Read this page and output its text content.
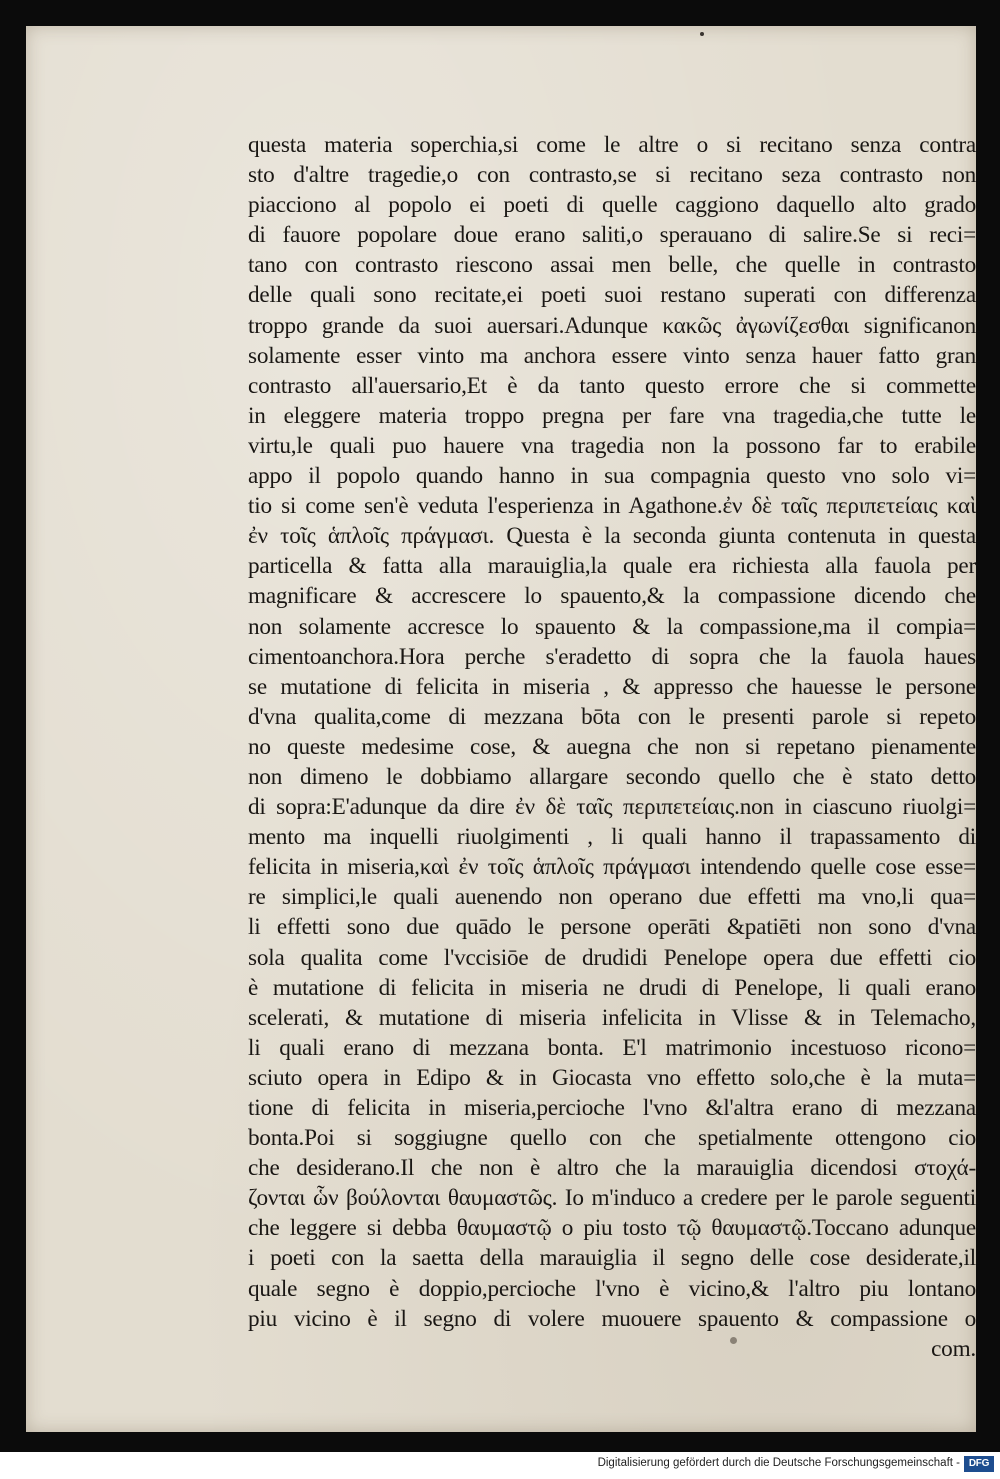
questa materia soperchia,si come le altre o si recitano senza contra
sto d'altre tragedie,o con contrasto,se si recitano seza contrasto non
piacciono al popolo ei poeti di quelle caggiono daquello alto grado
di fauore popolare doue erano saliti,o sperauano di salire.Se si reci=
tano con contrasto riescono assai men belle, che quelle in contrasto
delle quali sono recitate,ei poeti suoi restano superati con differenza
troppo grande da suoi auersari.Adunque κακῶς ἀγωνίζεσθαι significanon
solamente esser vinto ma anchora essere vinto senza hauer fatto gran
contrasto all'auersario,Et è da tanto questo errore che si commette
in eleggere materia troppo pregna per fare vna tragedia,che tutte le
virtu,le quali puo hauere vna tragedia non la possono far to erabile
appo il popolo quando hanno in sua compagnia questo vno solo vi=
tio si come sen'è veduta l'esperienza in Agathone.ἐν δὲ ταῖς περιπετείαις καὶ
ἐν τοῖς ἁπλοῖς πράγμασι. Questa è la seconda giunta contenuta in questa
particella & fatta alla marauiglia,la quale era richiesta alla fauola per
magnificare & accrescere lo spauento,& la compassione dicendo che
non solamente accresce lo spauento & la compassione,ma il compia=
cimentoanchora.Hora perche s'eradetto di sopra che la fauola haues
se mutatione di felicita in miseria , & appresso che hauesse le persone
d'vna qualita,come di mezzana bōta con le presenti parole si repeto
no queste medesime cose, & auegna che non si repetano pienamente
non dimeno le dobbiamo allargare secondo quello che è stato detto
di sopra:E'adunque da dire ἐν δὲ ταῖς περιπετείαις.non in ciascuno riuolgi=
mento ma inquelli riuolgimenti , li quali hanno il trapassamento di
felicita in miseria,καὶ ἐν τοῖς ἁπλοῖς πράγμασι intendendo quelle cose esse=
re simplici,le quali auenendo non operano due effetti ma vno,li qua=
li effetti sono due quādo le persone operāti &patiēti non sono d'vna
sola qualita come l'vccisiōe de drudidi Penelope opera due effetti cio
è mutatione di felicita in miseria ne drudi di Penelope, li quali erano
scelerati, & mutatione di miseria infelicita in Vlisse & in Telemacho,
li quali erano di mezzana bonta. E'l matrimonio incestuoso ricono=
sciuto opera in Edipo & in Giocasta vno effetto solo,che è la muta=
tione di felicita in miseria,percioche l'vno &l'altra erano di mezzana
bonta.Poi si soggiugne quello con che spetialmente ottengono cio
che desiderano.Il che non è altro che la marauiglia dicendosi στοχά-
ζονται ὧν βούλονται θαυμαστῶς. Io m'induco a credere per le parole seguenti
che leggere si debba θαυμαστῷ o piu tosto τῷ θαυμαστῷ.Toccano adunque
i poeti con la saetta della marauiglia il segno delle cose desiderate,il
quale segno è doppio,percioche l'vno è vicino,& l'altro piu lontano
piu vicino è il segno di volere muouere spauento & compassione o
com.
Digitalisierung gefördert durch die Deutsche Forschungsgemeinschaft - DFG
